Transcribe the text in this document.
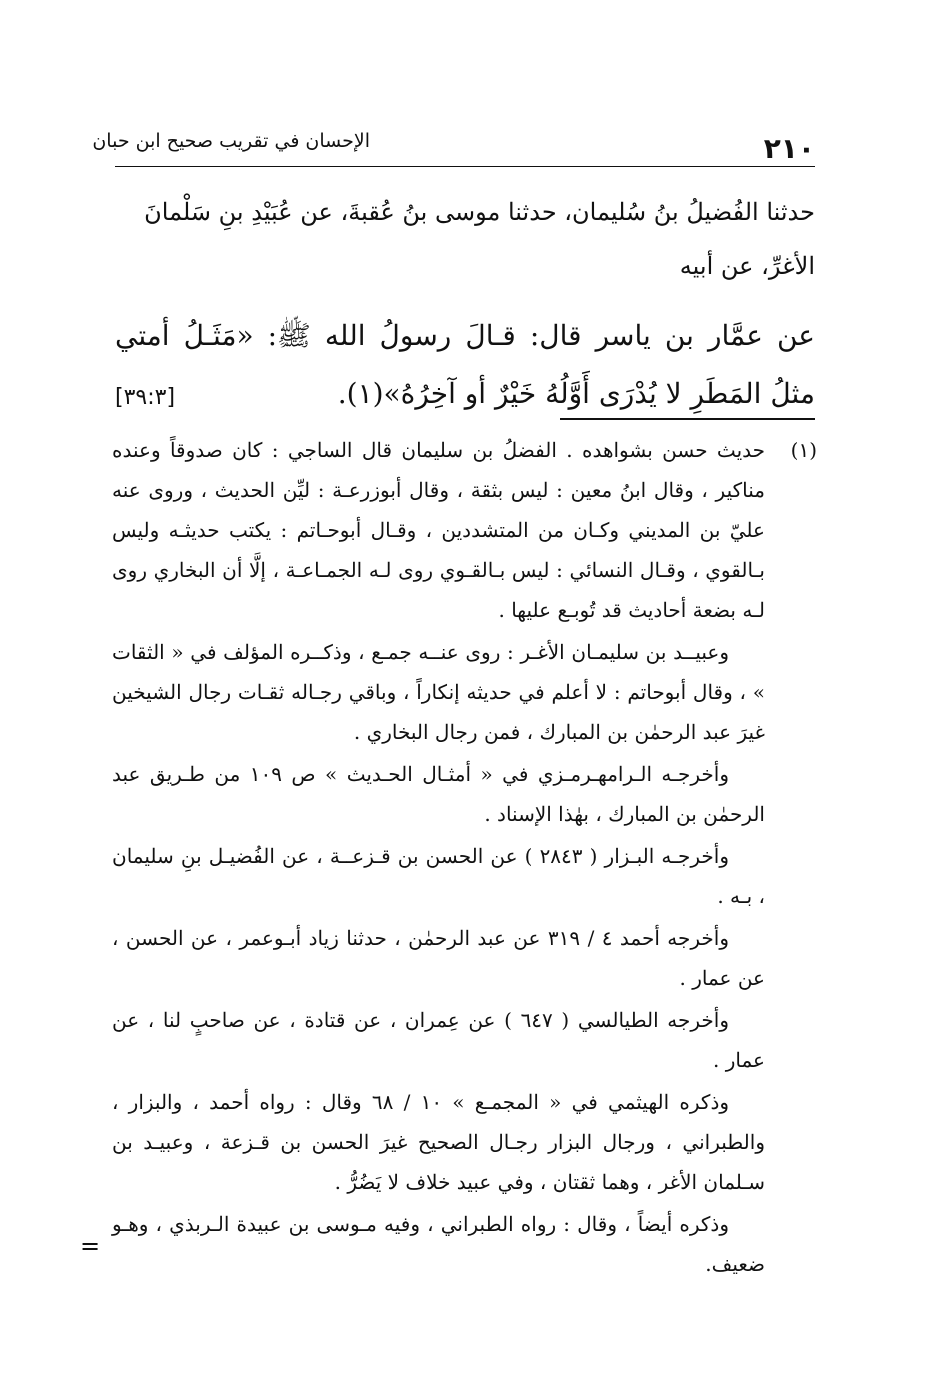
الإحسان في تقريب صحيح ابن حبان	٢١٠

حدثنا الفُضيلُ بنُ سُليمان، حدثنا موسى بنُ عُقبةَ، عن عُبَيْدِ بنِ سَلْمانَ الأغرِّ، عن أبيه

عن عمَّار بن ياسر قال: قـالَ رسولُ الله ﷺ: «مَثَـلُ أمتي مثلُ المَطَرِ لا يُدْرَى أَوَّلُهُ خَيْرٌ أو آخِرُهُ»(١).
[٣٩:٣]

(١)

حديث حسن بشواهده . الفضلُ بن سليمان قال الساجي : كان صدوقاً وعنده مناكير ، وقال ابنُ معين : ليس بثقة ، وقال أبوزرعـة : ليِّن الحديث ، وروى عنه عليّ بن المديني وكـان من المتشددين ، وقـال أبوحـاتم : يكتب حديثـه وليس بـالقوي ، وقـال النسائي : ليس بـالقـوي روى لـه الجمـاعـة ، إلَّا أن البخاري روى لـه بضعة أحاديث قد تُوبـع عليها .

وعبيــد بن سليمـان الأغـر : روى عنــه جمـع ، وذكــره المؤلف في « الثقات » ، وقال أبوحاتم : لا أعلم في حديثه إنكاراً ، وباقي رجـاله ثقـات رجال الشيخين غيرَ عبد الرحمٰن بن المبارك ، فمن رجال البخاري .

وأخرجـه الـرامهـرمـزي في « أمثـال الحـديث » ص ١٠٩ من طـريق عبد الرحمٰن بن المبارك ، بهٰذا الإسناد .

وأخرجـه البـزار ( ٢٨٤٣ ) عن الحسن بن قـزعــة ، عن الفُضيـل بنِ سليمان ، بـه .

وأخرجه أحمد ٤ / ٣١٩ عن عبد الرحمٰن ، حدثنا زياد أبـوعمر ، عن الحسن ، عن عمار .

وأخرجه الطيالسي ( ٦٤٧ ) عن عِمران ، عن قتادة ، عن صاحبٍ لنا ، عن عمار .

وذكره الهيثمي في « المجمـع » ١٠ / ٦٨ وقال : رواه أحمد ، والبزار ، والطبراني ، ورجال البزار رجـال الصحيح غيرَ الحسن بن قـزعة ، وعبيـد بن سـلمان الأغر ، وهما ثقتان ، وفي عبيد خلاف لا يَضُرُّ .

وذكره أيضاً ، وقال : رواه الطبراني ، وفيه مـوسى بن عبيدة الـربذي ، وهـو ضعيف.

=
